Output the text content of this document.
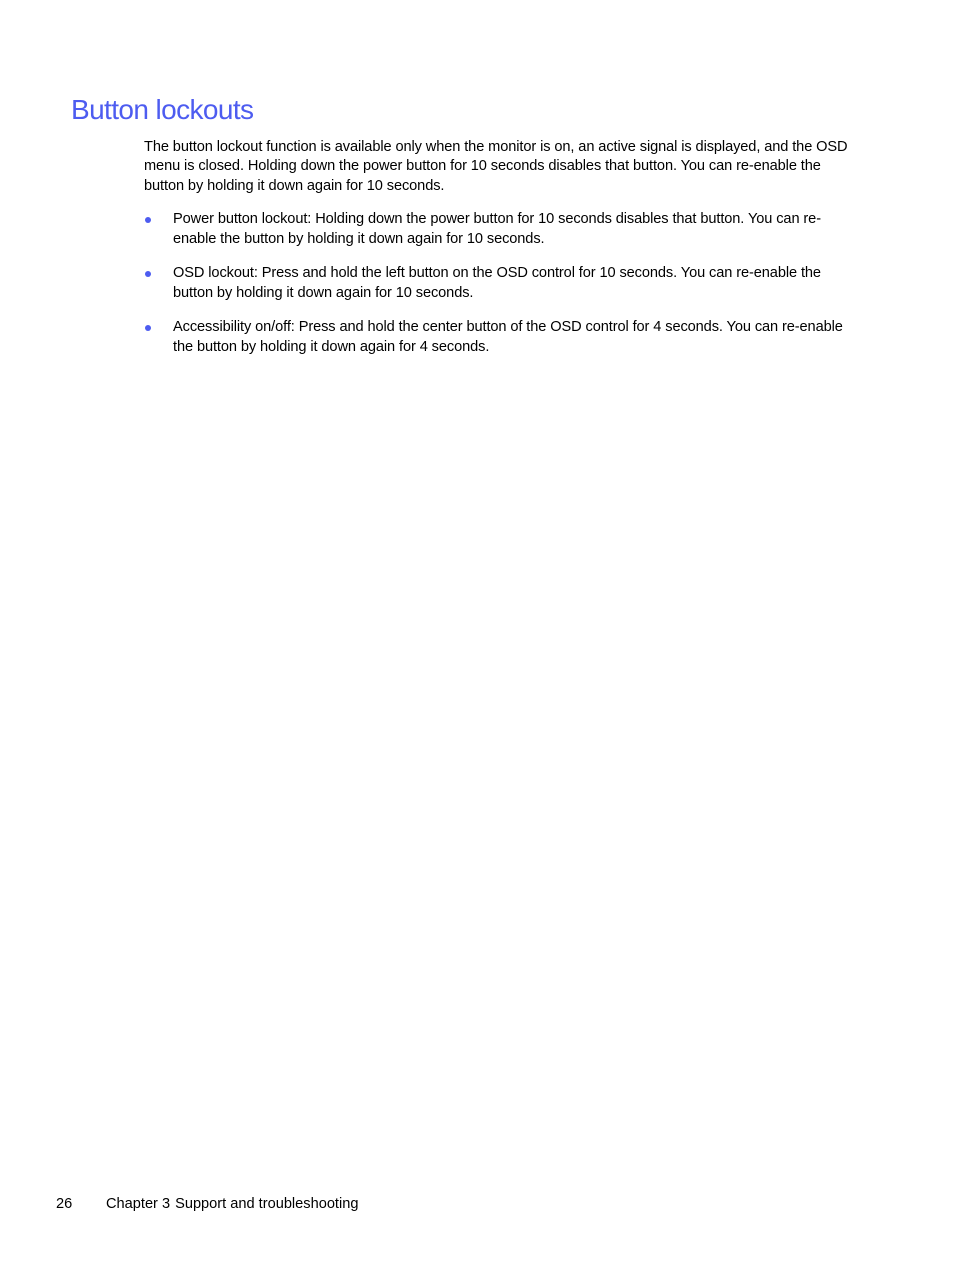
Button lockouts

The button lockout function is available only when the monitor is on, an active signal is displayed, and the OSD menu is closed. Holding down the power button for 10 seconds disables that button. You can re-enable the button by holding it down again for 10 seconds.

Power button lockout: Holding down the power button for 10 seconds disables that button. You can re-enable the button by holding it down again for 10 seconds.
OSD lockout: Press and hold the left button on the OSD control for 10 seconds. You can re-enable the button by holding it down again for 10 seconds.
Accessibility on/off: Press and hold the center button of the OSD control for 4 seconds. You can re-enable the button by holding it down again for 4 seconds.
26 Chapter 3 Support and troubleshooting
